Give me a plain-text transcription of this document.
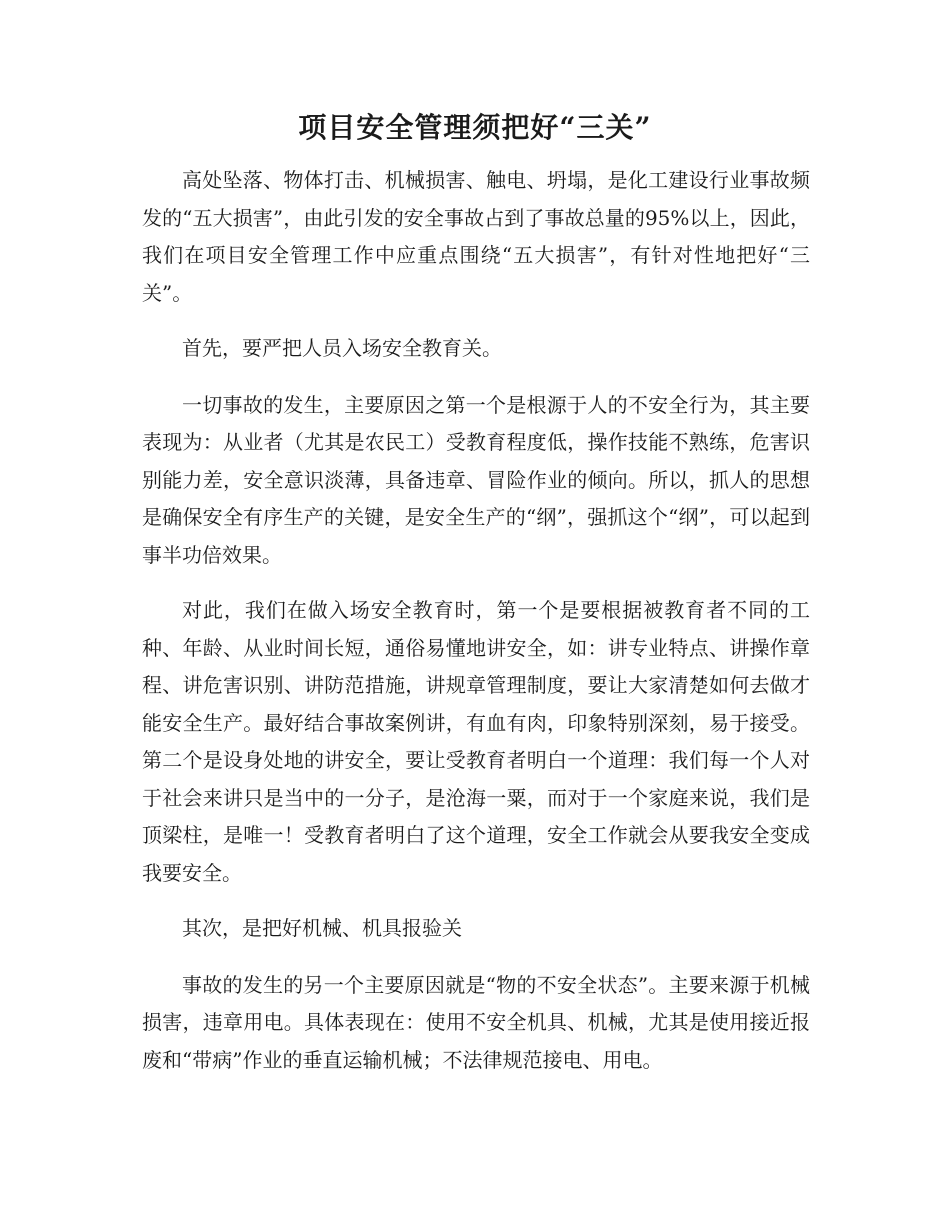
项目安全管理须把好“三关”

高处坠落、物体打击、机械损害、触电、坍塌，是化工建设行业事故频发的“五大损害”，由此引发的安全事故占到了事故总量的95%以上，因此，我们在项目安全管理工作中应重点围绕“五大损害”，有针对性地把好“三关”。

首先，要严把人员入场安全教育关。

一切事故的发生，主要原因之第一个是根源于人的不安全行为，其主要表现为：从业者（尤其是农民工）受教育程度低，操作技能不熟练，危害识别能力差，安全意识淡薄，具备违章、冒险作业的倾向。所以，抓人的思想是确保安全有序生产的关键，是安全生产的“纲”，强抓这个“纲”，可以起到事半功倍效果。

对此，我们在做入场安全教育时，第一个是要根据被教育者不同的工种、年龄、从业时间长短，通俗易懂地讲安全，如：讲专业特点、讲操作章程、讲危害识别、讲防范措施，讲规章管理制度，要让大家清楚如何去做才能安全生产。最好结合事故案例讲，有血有肉，印象特别深刻，易于接受。第二个是设身处地的讲安全，要让受教育者明白一个道理：我们每一个人对于社会来讲只是当中的一分子，是沧海一粟，而对于一个家庭来说，我们是顶梁柱，是唯一！受教育者明白了这个道理，安全工作就会从要我安全变成我要安全。

其次，是把好机械、机具报验关

事故的发生的另一个主要原因就是“物的不安全状态”。主要来源于机械损害，违章用电。具体表现在：使用不安全机具、机械，尤其是使用接近报废和“带病”作业的垂直运输机械；不法律规范接电、用电。
